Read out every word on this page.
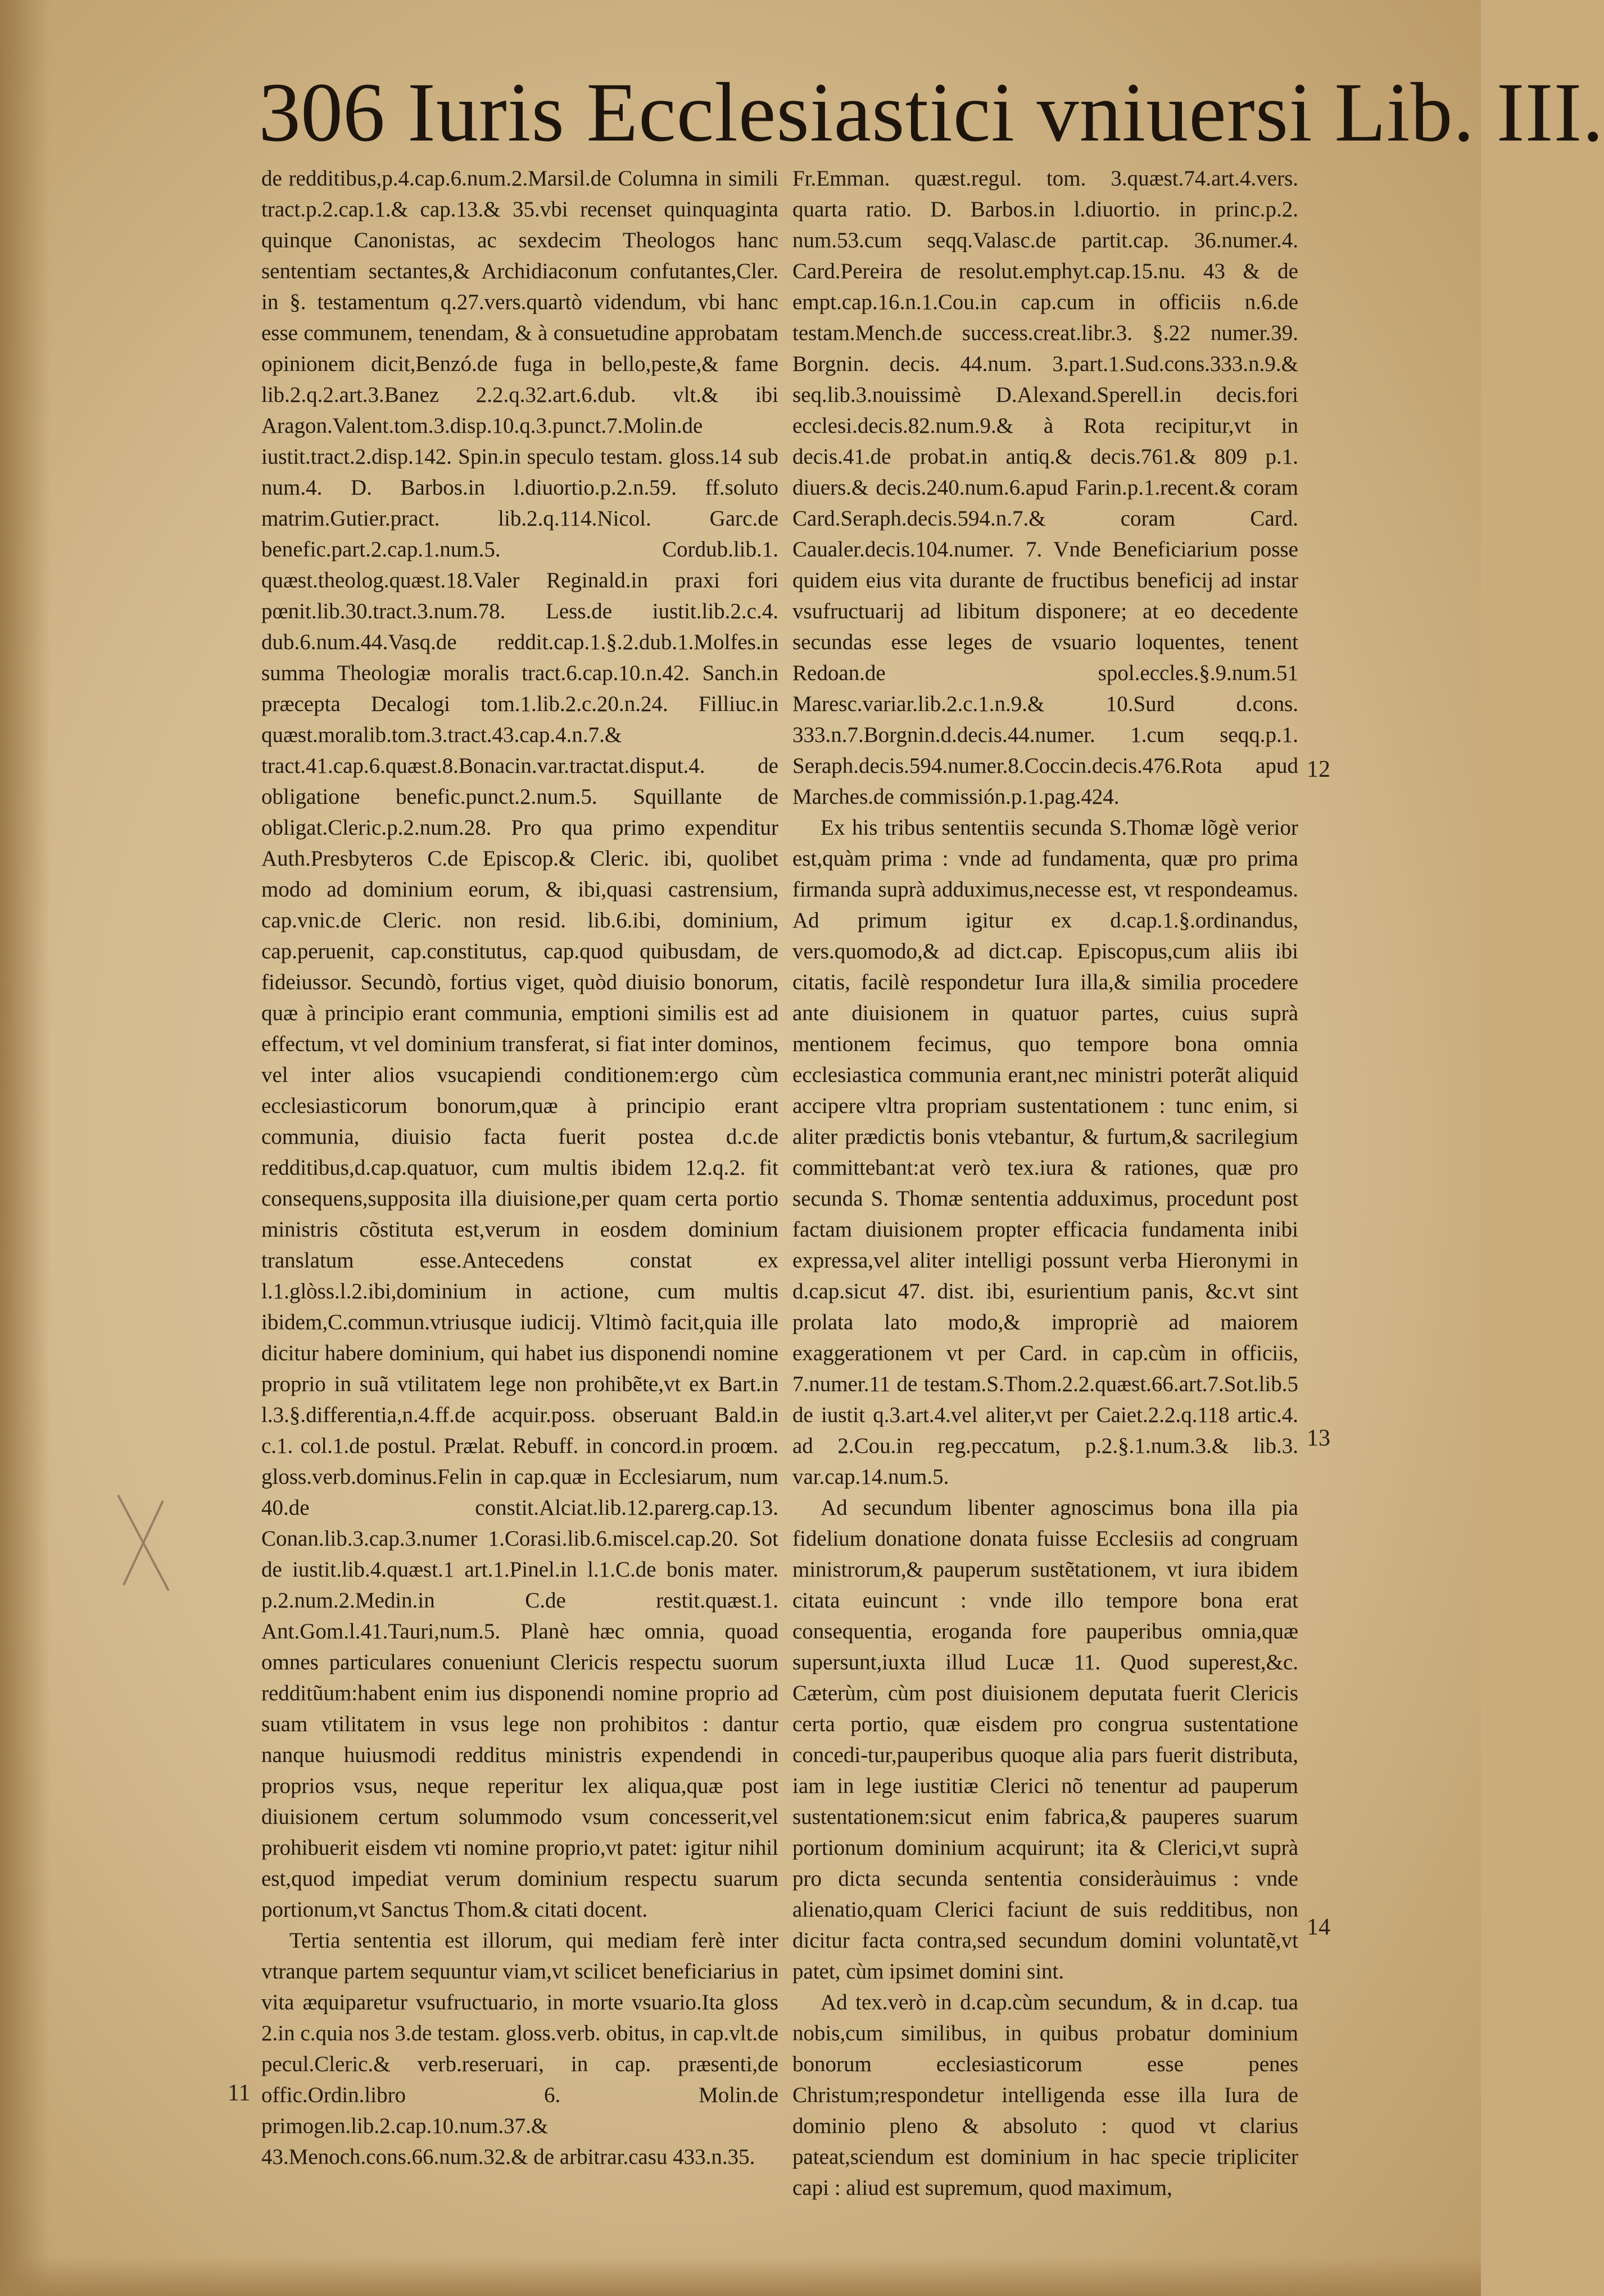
306 Iuris Ecclesiastici vniuersi Lib. III.

de redditibus,p.4.cap.6.num.2.Marsil.de Columna in simili tract.p.2.cap.1.& cap.13.& 35.vbi recenset quinquaginta quinque Canonistas, ac sexdecim Theologos hanc sententiam sectantes,& Archidiaconum confutantes,Cler. in §. testamentum q.27.vers.quartò videndum, vbi hanc esse communem, tenendam, & à consuetudine approbatam opinionem dicit,Benzó.de fuga in bello,peste,& fame lib.2.q.2.art.3.Banez 2.2.q.32.art.6.dub. vlt.& ibi Aragon.Valent.tom.3.disp.10.q.3.punct.7.Molin.de iustit.tract.2.disp.142. Spin.in speculo testam. gloss.14 sub num.4. D. Barbos.in l.diuortio.p.2.n.59. ff.soluto matrim.Gutier.pract. lib.2.q.114.Nicol. Garc.de benefic.part.2.cap.1.num.5. Cordub.lib.1. quæst.theolog.quæst.18.Valer Reginald.in praxi fori pœnit.lib.30.tract.3.num.78. Less.de iustit.lib.2.c.4. dub.6.num.44.Vasq.de reddit.cap.1.§.2.dub.1.Molfes.in summa Theologiæ moralis tract.6.cap.10.n.42. Sanch.in præcepta Decalogi tom.1.lib.2.c.20.n.24. Filliuc.in quæst.moralib.tom.3.tract.43.cap.4.n.7.& tract.41.cap.6.quæst.8.Bonacin.var.tractat.disput.4. de obligatione benefic.punct.2.num.5. Squillante de obligat.Cleric.p.2.num.28. Pro qua primo expenditur Auth.Presbyteros C.de Episcop.& Cleric. ibi, quolibet modo ad dominium eorum, & ibi,quasi castrensium, cap.vnic.de Cleric. non resid. lib.6.ibi, dominium, cap.peruenit, cap.constitutus, cap.quod quibusdam, de fideiussor. Secundò, fortius viget, quòd diuisio bonorum, quæ à principio erant communia, emptioni similis est ad effectum, vt vel dominium transferat, si fiat inter dominos, vel inter alios vsucapiendi conditionem:ergo cùm ecclesiasticorum bonorum,quæ à principio erant communia, diuisio facta fuerit postea d.c.de redditibus,d.cap.quatuor, cum multis ibidem 12.q.2. fit consequens,supposita illa diuisione,per quam certa portio ministris cõstituta est,verum in eosdem dominium translatum esse.Antecedens constat ex l.1.glòss.l.2.ibi,dominium in actione, cum multis ibidem,C.commun.vtriusque iudicij. Vltimò facit,quia ille dicitur habere dominium, qui habet ius disponendi nomine proprio in suã vtilitatem lege non prohibẽte,vt ex Bart.in l.3.§.differentia,n.4.ff.de acquir.poss. obseruant Bald.in c.1. col.1.de postul. Prælat. Rebuff. in concord.in proœm. gloss.verb.dominus.Felin in cap.quæ in Ecclesiarum, num 40.de constit.Alciat.lib.12.parerg.cap.13. Conan.lib.3.cap.3.numer 1.Corasi.lib.6.miscel.cap.20. Sot de iustit.lib.4.quæst.1 art.1.Pinel.in l.1.C.de bonis mater. p.2.num.2.Medin.in C.de restit.quæst.1. Ant.Gom.l.41.Tauri,num.5. Planè hæc omnia, quoad omnes particulares conueniunt Clericis respectu suorum redditũum:habent enim ius disponendi nomine proprio ad suam vtilitatem in vsus lege non prohibitos : dantur nanque huiusmodi redditus ministris expendendi in proprios vsus, neque reperitur lex aliqua,quæ post diuisionem certum solummodo vsum concesserit,vel prohibuerit eisdem vti nomine proprio,vt patet: igitur nihil est,quod impediat verum dominium respectu suarum portionum,vt Sanctus Thom.& citati docent.

Tertia sententia est illorum, qui mediam ferè inter vtranque partem sequuntur viam,vt scilicet beneficiarius in vita æquiparetur vsufructuario, in morte vsuario.Ita gloss 2.in c.quia nos 3.de testam. gloss.verb. obitus, in cap.vlt.de pecul.Cleric.& verb.reseruari, in cap. præsenti,de offic.Ordin.libro 6. Molin.de primogen.lib.2.cap.10.num.37.& 43.Menoch.cons.66.num.32.& de arbitrar.casu 433.n.35.

Fr.Emman. quæst.regul. tom. 3.quæst.74.art.4.vers. quarta ratio. D. Barbos.in l.diuortio. in princ.p.2. num.53.cum seqq.Valasc.de partit.cap. 36.numer.4. Card.Pereira de resolut.emphyt.cap.15.nu. 43 & de empt.cap.16.n.1.Cou.in cap.cum in officiis n.6.de testam.Mench.de success.creat.libr.3. §.22 numer.39. Borgnin. decis. 44.num. 3.part.1.Sud.cons.333.n.9.& seq.lib.3.nouissimè D.Alexand.Sperell.in decis.fori ecclesi.decis.82.num.9.& à Rota recipitur,vt in decis.41.de probat.in antiq.& decis.761.& 809 p.1. diuers.& decis.240.num.6.apud Farin.p.1.recent.& coram Card.Seraph.decis.594.n.7.& coram Card. Caualer.decis.104.numer. 7. Vnde Beneficiarium posse quidem eius vita durante de fructibus beneficij ad instar vsufructuarij ad libitum disponere; at eo decedente secundas esse leges de vsuario loquentes, tenent Redoan.de spol.eccles.§.9.num.51 Maresc.variar.lib.2.c.1.n.9.& 10.Surd d.cons. 333.n.7.Borgnin.d.decis.44.numer. 1.cum seqq.p.1. Seraph.decis.594.numer.8.Coccin.decis.476.Rota apud Marches.de commissión.p.1.pag.424.

Ex his tribus sententiis secunda S.Thomæ lõgè verior est,quàm prima : vnde ad fundamenta, quæ pro prima firmanda suprà adduximus,necesse est, vt respondeamus. Ad primum igitur ex d.cap.1.§.ordinandus, vers.quomodo,& ad dict.cap. Episcopus,cum aliis ibi citatis, facilè respondetur Iura illa,& similia procedere ante diuisionem in quatuor partes, cuius suprà mentionem fecimus, quo tempore bona omnia ecclesiastica communia erant,nec ministri poterãt aliquid accipere vltra propriam sustentationem : tunc enim, si aliter prædictis bonis vtebantur, & furtum,& sacrilegium committebant:at verò tex.iura & rationes, quæ pro secunda S. Thomæ sententia adduximus, procedunt post factam diuisionem propter efficacia fundamenta inibi expressa,vel aliter intelligi possunt verba Hieronymi in d.cap.sicut 47. dist. ibi, esurientium panis, &c.vt sint prolata lato modo,& impropriè ad maiorem exaggerationem vt per Card. in cap.cùm in officiis, 7.numer.11 de testam.S.Thom.2.2.quæst.66.art.7.Sot.lib.5 de iustit q.3.art.4.vel aliter,vt per Caiet.2.2.q.118 artic.4. ad 2.Cou.in reg.peccatum, p.2.§.1.num.3.& lib.3. var.cap.14.num.5.

Ad secundum libenter agnoscimus bona illa pia fidelium donatione donata fuisse Ecclesiis ad congruam ministrorum,& pauperum sustẽtationem, vt iura ibidem citata euincunt : vnde illo tempore bona erat consequentia, eroganda fore pauperibus omnia,quæ supersunt,iuxta illud Lucæ 11. Quod superest,&c. Cæterùm, cùm post diuisionem deputata fuerit Clericis certa portio, quæ eisdem pro congrua sustentatione concedi-tur,pauperibus quoque alia pars fuerit distributa, iam in lege iustitiæ Clerici nõ tenentur ad pauperum sustentationem:sicut enim fabrica,& pauperes suarum portionum dominium acquirunt; ita & Clerici,vt suprà pro dicta secunda sententia consideràuimus : vnde alienatio,quam Clerici faciunt de suis redditibus, non dicitur facta contra,sed secundum domini voluntatẽ,vt patet, cùm ipsimet domini sint.

Ad tex.verò in d.cap.cùm secundum, & in d.cap. tua nobis,cum similibus, in quibus probatur dominium bonorum ecclesiasticorum esse penes Christum;respondetur intelligenda esse illa Iura de dominio pleno & absoluto : quod vt clarius pateat,sciendum est dominium in hac specie tripliciter capi : aliud est supremum, quod maximum,

11
12
13
14
